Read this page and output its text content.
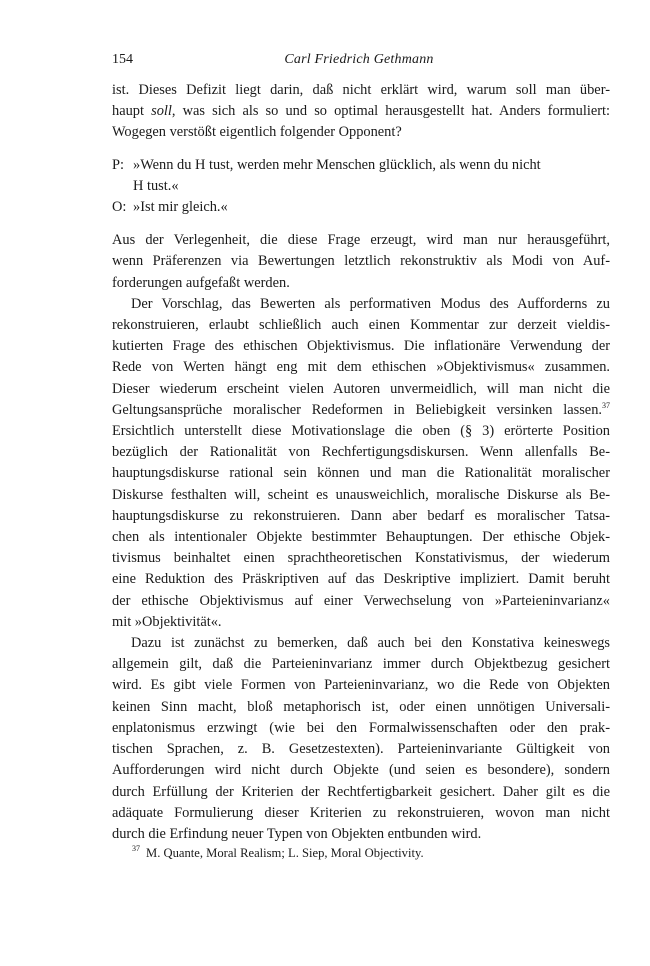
154	Carl Friedrich Gethmann

ist. Dieses Defizit liegt darin, daß nicht erklärt wird, warum soll man über-
haupt soll, was sich als so und so optimal herausgestellt hat. Anders formuliert:
Wogegen verstößt eigentlich folgender Opponent?

P: »Wenn du H tust, werden mehr Menschen glücklich, als wenn du nicht
H tust.«
O: »Ist mir gleich.«

Aus der Verlegenheit, die diese Frage erzeugt, wird man nur herausgeführt,
wenn Präferenzen via Bewertungen letztlich rekonstruktiv als Modi von Auf-
forderungen aufgefaßt werden.

Der Vorschlag, das Bewerten als performativen Modus des Aufforderns zu
rekonstruieren, erlaubt schließlich auch einen Kommentar zur derzeit vieldis-
kutierten Frage des ethischen Objektivismus. Die inflationäre Verwendung der
Rede von Werten hängt eng mit dem ethischen »Objektivismus« zusammen.
Dieser wiederum erscheint vielen Autoren unvermeidlich, will man nicht die
Geltungsansprüche moralischer Redeformen in Beliebigkeit versinken lassen.$^{37}$
Ersichtlich unterstellt diese Motivationslage die oben (§ 3) erörterte Position
bezüglich der Rationalität von Rechfertigungsdiskursen. Wenn allenfalls Be-
hauptungsdiskurse rational sein können und man die Rationalität moralischer
Diskurse festhalten will, scheint es unausweichlich, moralische Diskurse als Be-
hauptungsdiskurse zu rekonstruieren. Dann aber bedarf es moralischer Tatsa-
chen als intentionaler Objekte bestimmter Behauptungen. Der ethische Objek-
tivismus beinhaltet einen sprachtheoretischen Konstativismus, der wiederum
eine Reduktion des Präskriptiven auf das Deskriptive impliziert. Damit beruht
der ethische Objektivismus auf einer Verwechselung von »Parteieninvarianz«
mit »Objektivität«.

Dazu ist zunächst zu bemerken, daß auch bei den Konstativa keineswegs
allgemein gilt, daß die Parteieninvarianz immer durch Objektbezug gesichert
wird. Es gibt viele Formen von Parteieninvarianz, wo die Rede von Objekten
keinen Sinn macht, bloß metaphorisch ist, oder einen unnötigen Universali-
enplatonismus erzwingt (wie bei den Formalwissenschaften oder den prak-
tischen Sprachen, z. B. Gesetzestexten). Parteieninvariante Gültigkeit von
Aufforderungen wird nicht durch Objekte (und seien es besondere), sondern
durch Erfüllung der Kriterien der Rechtfertigbarkeit gesichert. Daher gilt es die
adäquate Formulierung dieser Kriterien zu rekonstruieren, wovon man nicht
durch die Erfindung neuer Typen von Objekten entbunden wird.

$^{37}$ M. Quante, Moral Realism; L. Siep, Moral Objectivity.
